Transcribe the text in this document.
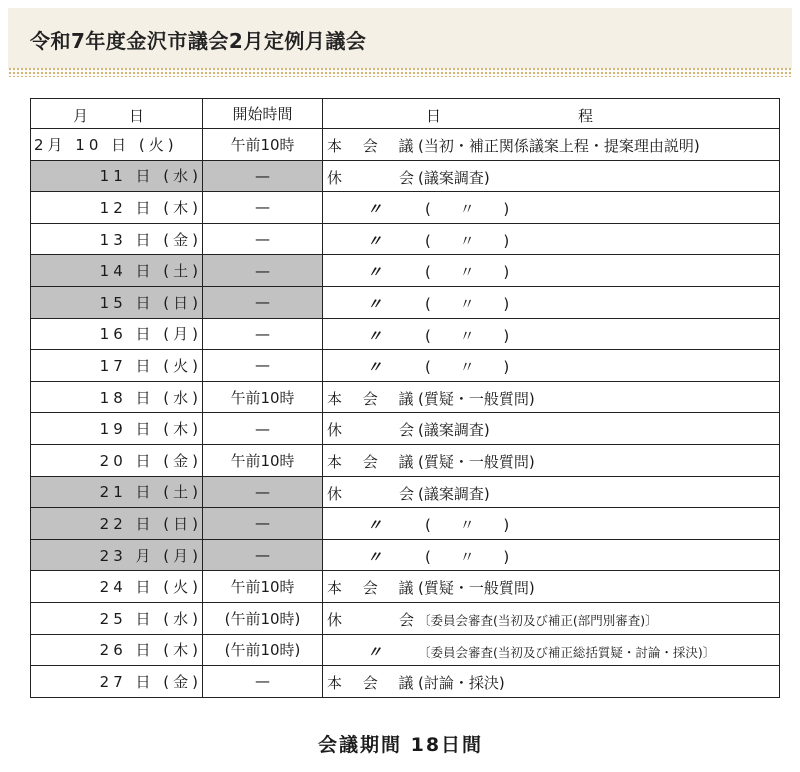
令和7年度金沢市議会2月定例月議会
月 日	開始時間	日 程

2月 10 日 (火)	午前10時	本 会 議
(当初・補正関係議案上程・提案理由説明)

11 日 (水)	—	休 会 (議案調査)

12 日 (木)	—	〃 ( 〃 )

13 日 (金)	—	〃 ( 〃 )

14 日 (土)	—	〃 ( 〃 )

15 日 (日)	—	〃 ( 〃 )

16 日 (月)	—	〃 ( 〃 )

17 日 (火)	—	〃 ( 〃 )

18 日 (水)	午前10時	本 会 議
(質疑・一般質問)

19 日 (木)	—	休 会 (議案調査)

20 日 (金)	午前10時	本 会 議
(質疑・一般質問)

21 日 (土)	—	休 会 (議案調査)

22 日 (日)	—	〃 ( 〃 )

23 月 (月)	—	〃 ( 〃 )

24 日 (火)	午前10時	本 会 議
(質疑・一般質問)

25 日 (水)	(午前10時)	休 会 〔委員会審査(当初及び補正(部門別審査)〕

26 日 (木)	(午前10時)	〃 〔委員会審査(当初及び補正総括質疑・討論・採決)〕

27 日 (金)	—	本 会 議
(討論・採決)
会議期間 18日間
